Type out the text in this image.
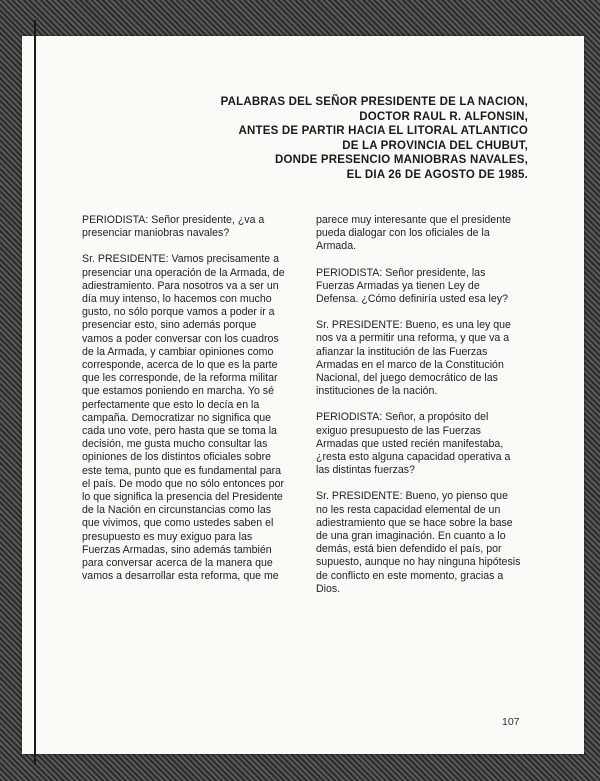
PALABRAS DEL SEÑOR PRESIDENTE DE LA NACION,
DOCTOR RAUL R. ALFONSIN,
ANTES DE PARTIR HACIA EL LITORAL ATLANTICO
DE LA PROVINCIA DEL CHUBUT,
DONDE PRESENCIO MANIOBRAS NAVALES,
EL DIA 26 DE AGOSTO DE 1985.

PERIODISTA: Señor presidente, ¿va a presenciar maniobras navales?

Sr. PRESIDENTE: Vamos precisamente a presenciar una operación de la Armada, de adiestramiento. Para nosotros va a ser un día muy intenso, lo hacemos con mucho gusto, no sólo porque vamos a poder ir a presenciar esto, sino además porque vamos a poder conversar con los cuadros de la Armada, y cambiar opiniones como corresponde, acerca de lo que es la parte que les corresponde, de la reforma militar que estamos poniendo en marcha. Yo sé perfectamente que esto lo decía en la campaña. Democratizar no significa que cada uno vote, pero hasta que se toma la decisión, me gusta mucho consultar las opiniones de los distintos oficiales sobre este tema, punto que es fundamental para el país. De modo que no sólo entonces por lo que significa la presencia del Presidente de la Nación en circunstancias como las que vivimos, que como ustedes saben el presupuesto es muy exiguo para las Fuerzas Armadas, sino además también para conversar acerca de la manera que vamos a desarrollar esta reforma, que me

parece muy interesante que el presidente pueda dialogar con los oficiales de la Armada.

PERIODISTA: Señor presidente, las Fuerzas Armadas ya tienen Ley de Defensa. ¿Cómo definiría usted esa ley?

Sr. PRESIDENTE: Bueno, es una ley que nos va a permitir una reforma, y que va a afianzar la institución de las Fuerzas Armadas en el marco de la Constitución Nacional, del juego democrático de las instituciones de la nación.

PERIODISTA: Señor, a propósito del exiguo presupuesto de las Fuerzas Armadas que usted recién manifestaba, ¿resta esto alguna capacidad operativa a las distintas fuerzas?

Sr. PRESIDENTE: Bueno, yo pienso que no les resta capacidad elemental de un adiestramiento que se hace sobre la base de una gran imaginación. En cuanto a lo demás, está bien defendido el país, por supuesto, aunque no hay ninguna hipótesis de conflicto en este momento, gracias a Dios.

107
